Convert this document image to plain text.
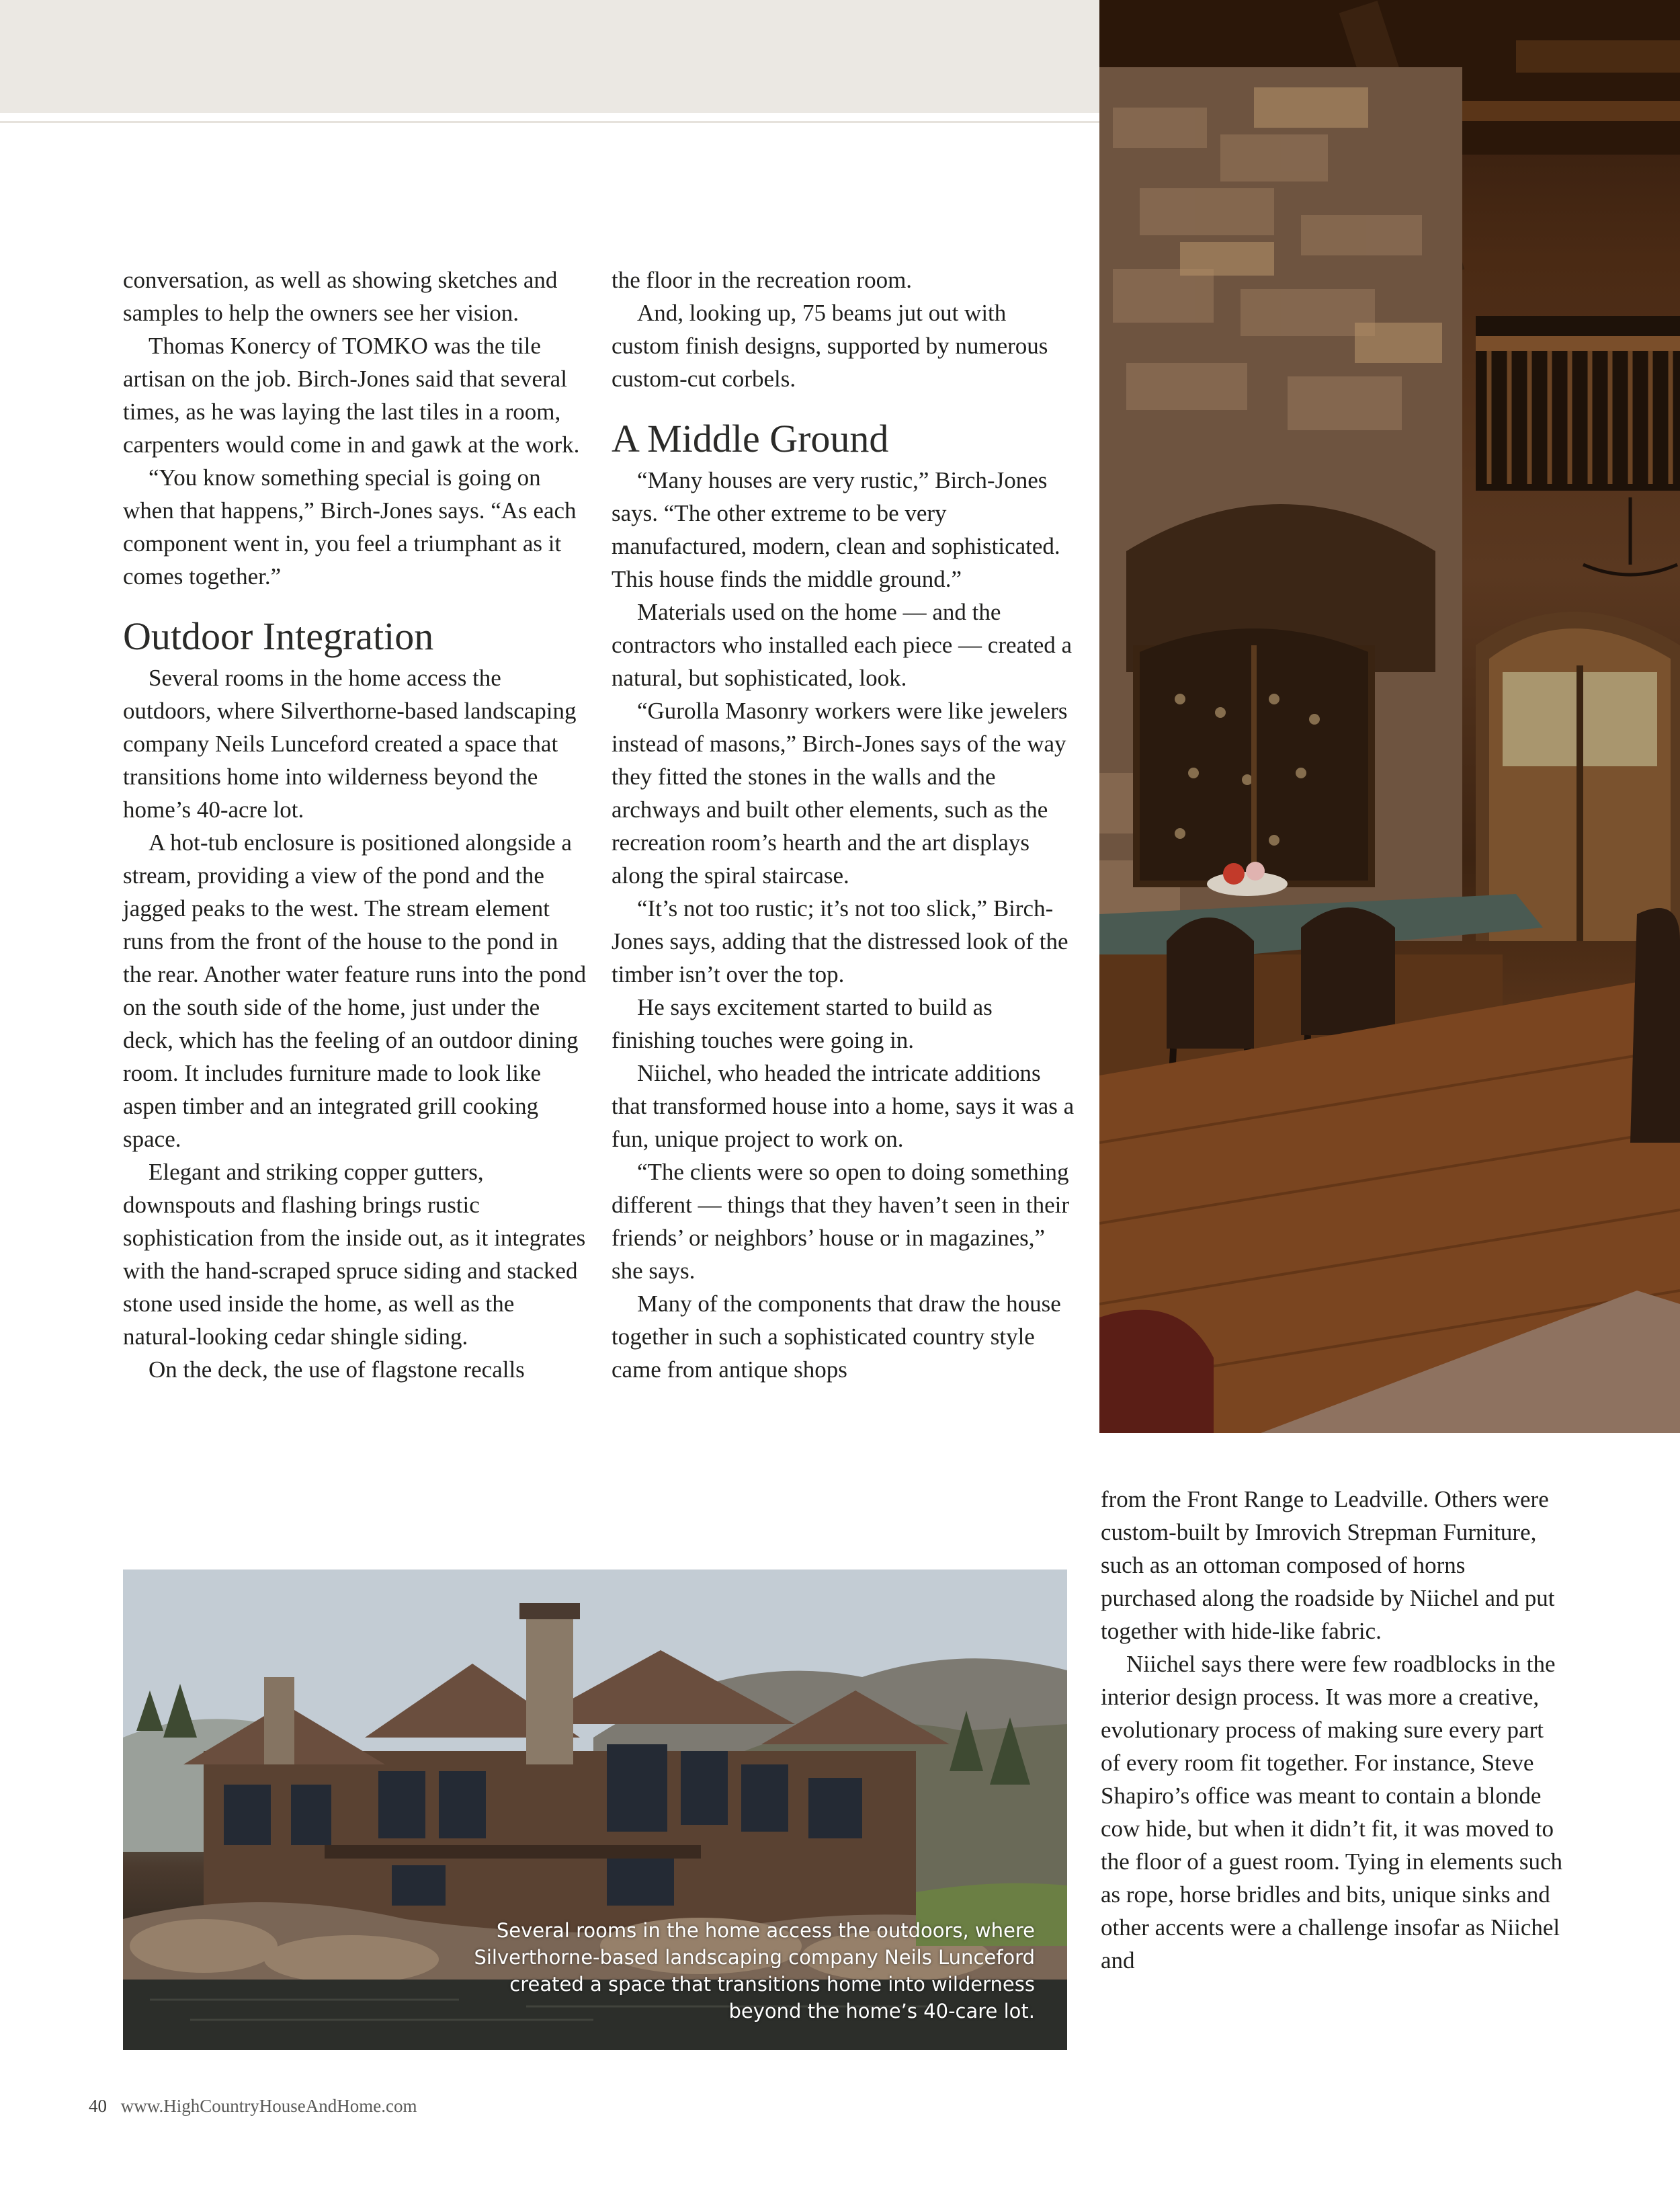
conversation, as well as showing sketches and samples to help the owners see her vision.

Thomas Konercy of TOMKO was the tile artisan on the job. Birch-Jones said that several times, as he was laying the last tiles in a room, carpenters would come in and gawk at the work.

“You know something special is going on when that happens,” Birch-Jones says. “As each component went in, you feel a triumphant as it comes together.”

Outdoor Integration

Several rooms in the home access the outdoors, where Silverthorne-based landscaping company Neils Lunceford created a space that transitions home into wilderness beyond the home’s 40-acre lot.

A hot-tub enclosure is positioned alongside a stream, providing a view of the pond and the jagged peaks to the west. The stream element runs from the front of the house to the pond in the rear. Another water feature runs into the pond on the south side of the home, just under the deck, which has the feeling of an outdoor dining room. It includes furniture made to look like aspen timber and an integrated grill cooking space.

Elegant and striking copper gutters, downspouts and flashing brings rustic sophistication from the inside out, as it integrates with the hand-scraped spruce siding and stacked stone used inside the home, as well as the natural-looking cedar shingle siding.

On the deck, the use of flagstone recalls

the floor in the recreation room.

And, looking up, 75 beams jut out with custom finish designs, supported by numerous custom-cut corbels.

A Middle Ground

“Many houses are very rustic,” Birch-Jones says. “The other extreme to be very manufactured, modern, clean and sophisticated. This house finds the middle ground.”

Materials used on the home — and the contractors who installed each piece — created a natural, but sophisticated, look.

“Gurolla Masonry workers were like jewelers instead of masons,” Birch-Jones says of the way they fitted the stones in the walls and the archways and built other elements, such as the recreation room’s hearth and the art displays along the spiral staircase.

“It’s not too rustic; it’s not too slick,” Birch-Jones says, adding that the distressed look of the timber isn’t over the top.

He says excitement started to build as finishing touches were going in.

Niichel, who headed the intricate additions that transformed house into a home, says it was a fun, unique project to work on.

“The clients were so open to doing something different — things that they haven’t seen in their friends’ or neighbors’ house or in magazines,” she says.

Many of the components that draw the house together in such a sophisticated country style came from antique shops

from the Front Range to Leadville. Others were custom-built by Imrovich Strepman Furniture, such as an ottoman composed of horns purchased along the roadside by Niichel and put together with hide-like fabric.

Niichel says there were few roadblocks in the interior design process. It was more a creative, evolutionary process of making sure every part of every room fit together. For instance, Steve Shapiro’s office was meant to contain a blonde cow hide, but when it didn’t fit, it was moved to the floor of a guest room. Tying in elements such as rope, horse bridles and bits, unique sinks and other accents were a challenge insofar as Niichel and

Several rooms in the home access the outdoors, where Silverthorne-based landscaping company Neils Lunceford created a space that transitions home into wilderness beyond the home’s 40-care lot.
40 www.HighCountryHouseAndHome.com
